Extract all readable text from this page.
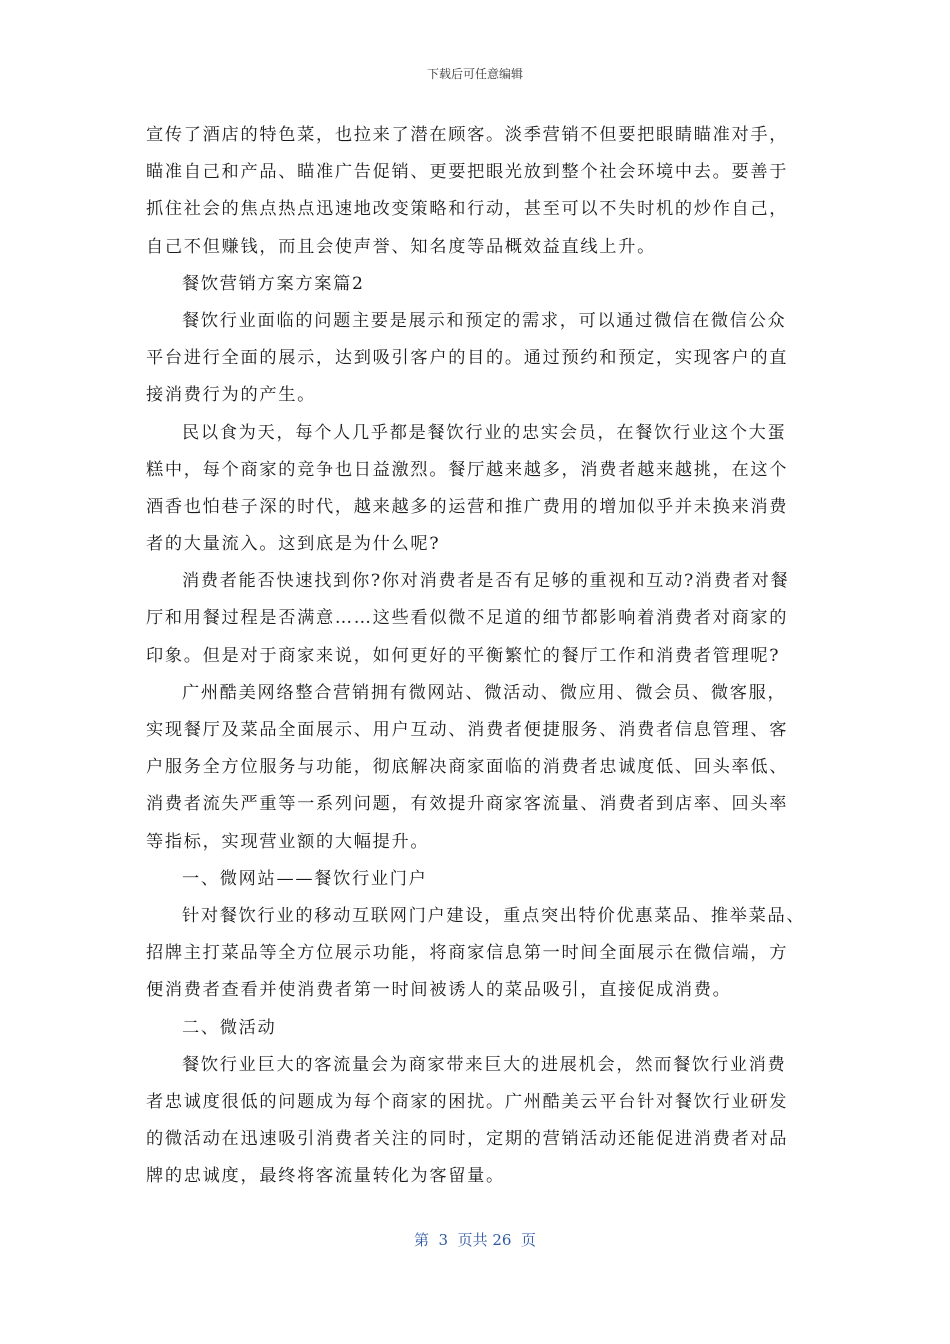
下载后可任意编辑
宣传了酒店的特色菜，也拉来了潜在顾客。淡季营销不但要把眼睛瞄准对手，
瞄准自己和产品、瞄准广告促销、更要把眼光放到整个社会环境中去。要善于
抓住社会的焦点热点迅速地改变策略和行动，甚至可以不失时机的炒作自己，
自己不但赚钱，而且会使声誉、知名度等品概效益直线上升。
餐饮营销方案方案篇2
餐饮行业面临的问题主要是展示和预定的需求，可以通过微信在微信公众
平台进行全面的展示，达到吸引客户的目的。通过预约和预定，实现客户的直
接消费行为的产生。
民以食为天，每个人几乎都是餐饮行业的忠实会员，在餐饮行业这个大蛋
糕中，每个商家的竞争也日益激烈。餐厅越来越多，消费者越来越挑，在这个
酒香也怕巷子深的时代，越来越多的运营和推广费用的增加似乎并未换来消费
者的大量流入。这到底是为什么呢?
消费者能否快速找到你?你对消费者是否有足够的重视和互动?消费者对餐
厅和用餐过程是否满意……这些看似微不足道的细节都影响着消费者对商家的
印象。但是对于商家来说，如何更好的平衡繁忙的餐厅工作和消费者管理呢?
广州酷美网络整合营销拥有微网站、微活动、微应用、微会员、微客服，
实现餐厅及菜品全面展示、用户互动、消费者便捷服务、消费者信息管理、客
户服务全方位服务与功能，彻底解决商家面临的消费者忠诚度低、回头率低、
消费者流失严重等一系列问题，有效提升商家客流量、消费者到店率、回头率
等指标，实现营业额的大幅提升。
一、微网站——餐饮行业门户
针对餐饮行业的移动互联网门户建设，重点突出特价优惠菜品、推举菜品、
招牌主打菜品等全方位展示功能，将商家信息第一时间全面展示在微信端，方
便消费者查看并使消费者第一时间被诱人的菜品吸引，直接促成消费。
二、微活动
餐饮行业巨大的客流量会为商家带来巨大的进展机会，然而餐饮行业消费
者忠诚度很低的问题成为每个商家的困扰。广州酷美云平台针对餐饮行业研发
的微活动在迅速吸引消费者关注的同时，定期的营销活动还能促进消费者对品
牌的忠诚度，最终将客流量转化为客留量。
第  3  页共 26  页
